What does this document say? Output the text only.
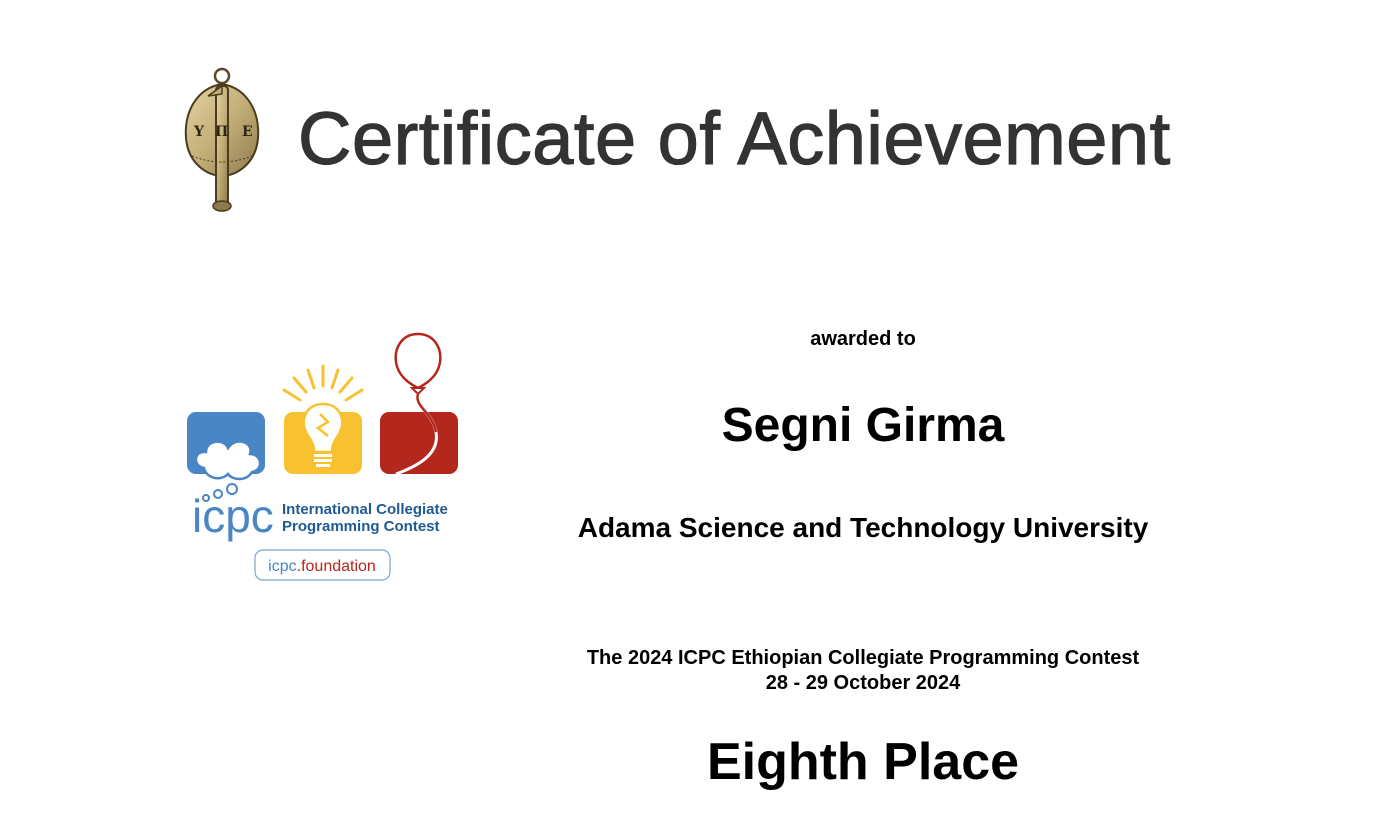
Υ Π Ε Certificate of Achievement
icpc International Collegiate
Programming Contest
icpc.foundation
awarded to
Segni Girma
Adama Science and Technology University
The 2024 ICPC Ethiopian Collegiate Programming Contest
28 - 29 October 2024
Eighth Place
